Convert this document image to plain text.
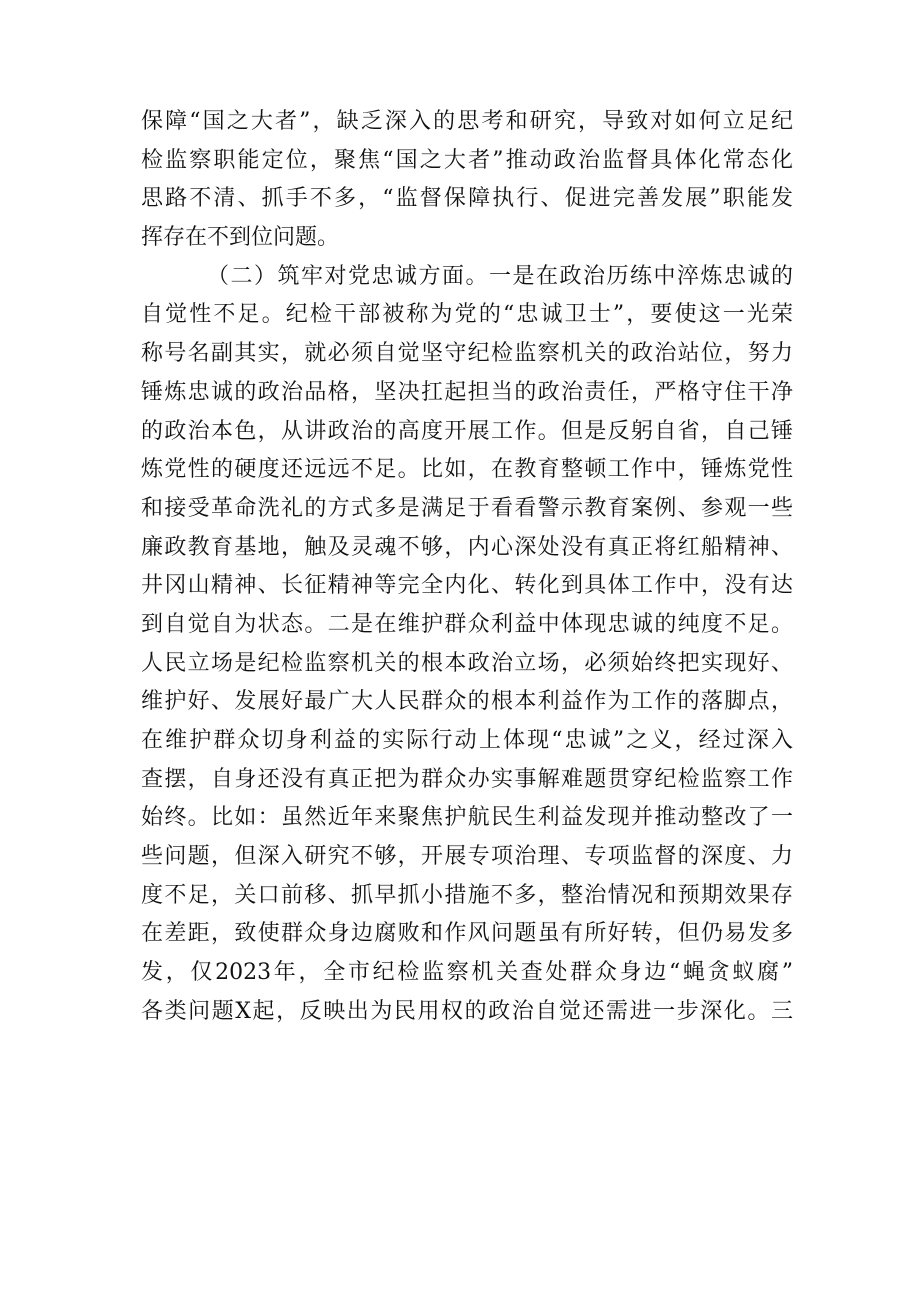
保障“国之大者”，缺乏深入的思考和研究，导致对如何立足纪
检监察职能定位，聚焦“国之大者”推动政治监督具体化常态化
思路不清、抓手不多，“监督保障执行、促进完善发展”职能发
挥存在不到位问题。
（二）筑牢对党忠诚方面。一是在政治历练中淬炼忠诚的
自觉性不足。纪检干部被称为党的“忠诚卫士”，要使这一光荣
称号名副其实，就必须自觉坚守纪检监察机关的政治站位，努力
锤炼忠诚的政治品格，坚决扛起担当的政治责任，严格守住干净
的政治本色，从讲政治的高度开展工作。但是反躬自省，自己锤
炼党性的硬度还远远不足。比如，在教育整顿工作中，锤炼党性
和接受革命洗礼的方式多是满足于看看警示教育案例、参观一些
廉政教育基地，触及灵魂不够，内心深处没有真正将红船精神、
井冈山精神、长征精神等完全内化、转化到具体工作中，没有达
到自觉自为状态。二是在维护群众利益中体现忠诚的纯度不足。
人民立场是纪检监察机关的根本政治立场，必须始终把实现好、
维护好、发展好最广大人民群众的根本利益作为工作的落脚点，
在维护群众切身利益的实际行动上体现“忠诚”之义，经过深入
查摆，自身还没有真正把为群众办实事解难题贯穿纪检监察工作
始终。比如：虽然近年来聚焦护航民生利益发现并推动整改了一
些问题，但深入研究不够，开展专项治理、专项监督的深度、力
度不足，关口前移、抓早抓小措施不多，整治情况和预期效果存
在差距，致使群众身边腐败和作风问题虽有所好转，但仍易发多
发，仅2023年，全市纪检监察机关查处群众身边“蝇贪蚁腐”
各类问题X起，反映出为民用权的政治自觉还需进一步深化。三
